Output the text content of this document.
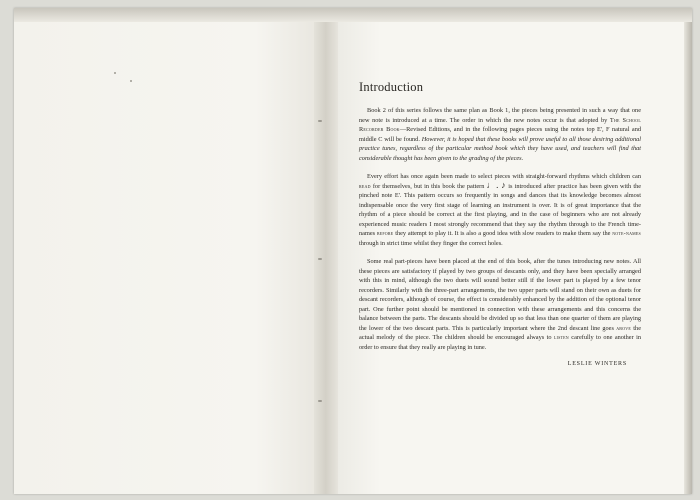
Introduction

Book 2 of this series follows the same plan as Book 1, the pieces being presented in such a way that one new note is introduced at a time. The order in which the new notes occur is that adopted by The School Recorder Book—Revised Editions, and in the following pages pieces using the notes top E', F natural and middle C will be found. However, it is hoped that these books will prove useful to all those desiring additional practice tunes, regardless of the particular method book which they have used, and teachers will find that considerable thought has been given to the grading of the pieces.

Every effort has once again been made to select pieces with straight-forward rhythms which children can read for themselves, but in this book the pattern ♩. ♪ is introduced after practice has been given with the pinched note E'. This pattern occurs so frequently in songs and dances that its knowledge becomes almost indispensable once the very first stage of learning an instrument is over. It is of great importance that the rhythm of a piece should be correct at the first playing, and in the case of beginners who are not already experienced music readers I most strongly recommend that they say the rhythm through to the French time-names before they attempt to play it. It is also a good idea with slow readers to make them say the note-names through in strict time whilst they finger the correct holes.

Some real part-pieces have been placed at the end of this book, after the tunes introducing new notes. All these pieces are satisfactory if played by two groups of descants only, and they have been specially arranged with this in mind, although the two duets will sound better still if the lower part is played by a few tenor recorders. Similarly with the three-part arrangements, the two upper parts will stand on their own as duets for descant recorders, although of course, the effect is considerably enhanced by the addition of the optional tenor part. One further point should be mentioned in connection with these arrangements and this concerns the balance between the parts. The descants should be divided up so that less than one quarter of them are playing the lower of the two descant parts. This is particularly important where the 2nd descant line goes above the actual melody of the piece. The children should be encouraged always to listen carefully to one another in order to ensure that they really are playing in tune.

LESLIE WINTERS
